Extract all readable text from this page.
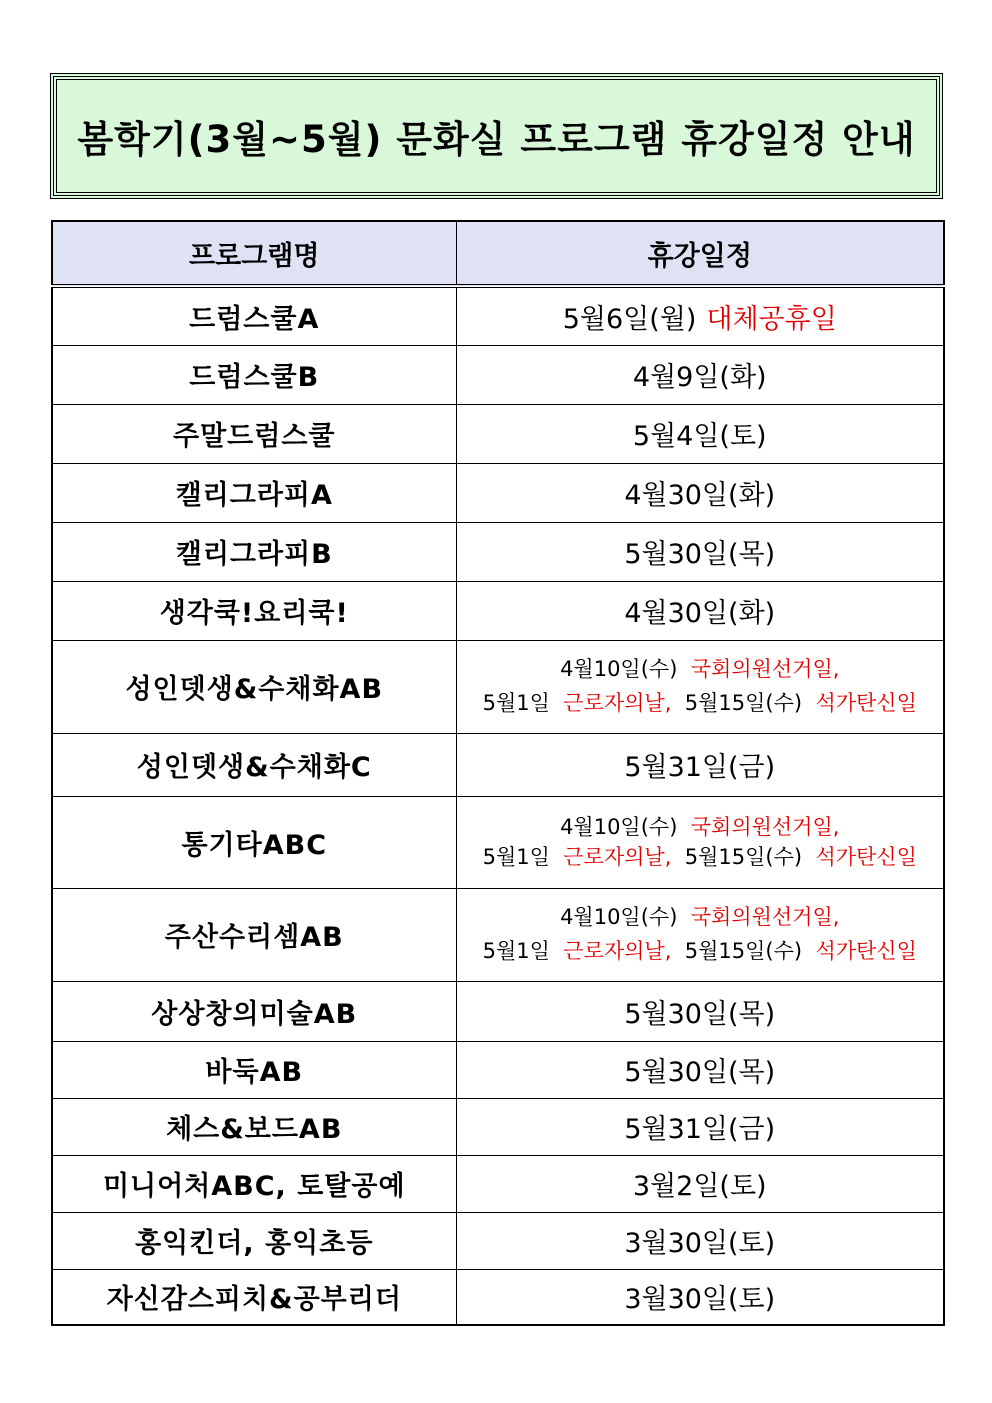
봄학기(3월~5월) 문화실 프로그램 휴강일정 안내
프로그램명	휴강일정
드럼스쿨A	5월6일(월) 대체공휴일
드럼스쿨B	4월9일(화)
주말드럼스쿨	5월4일(토)
캘리그라피A	4월30일(화)
캘리그라피B	5월30일(목)
생각쿡!요리쿡!	4월30일(화)
성인뎃생&수채화AB	4월10일(수) 국회의원선거일,
5월1일 근로자의날, 5월15일(수) 석가탄신일

성인뎃생&수채화C	5월31일(금)
통기타ABC	4월10일(수) 국회의원선거일,
5월1일 근로자의날, 5월15일(수) 석가탄신일

주산수리셈AB	4월10일(수) 국회의원선거일,
5월1일 근로자의날, 5월15일(수) 석가탄신일

상상창의미술AB	5월30일(목)
바둑AB	5월30일(목)
체스&보드AB	5월31일(금)
미니어처ABC, 토탈공예	3월2일(토)
홍익킨더, 홍익초등	3월30일(토)
자신감스피치&공부리더	3월30일(토)
